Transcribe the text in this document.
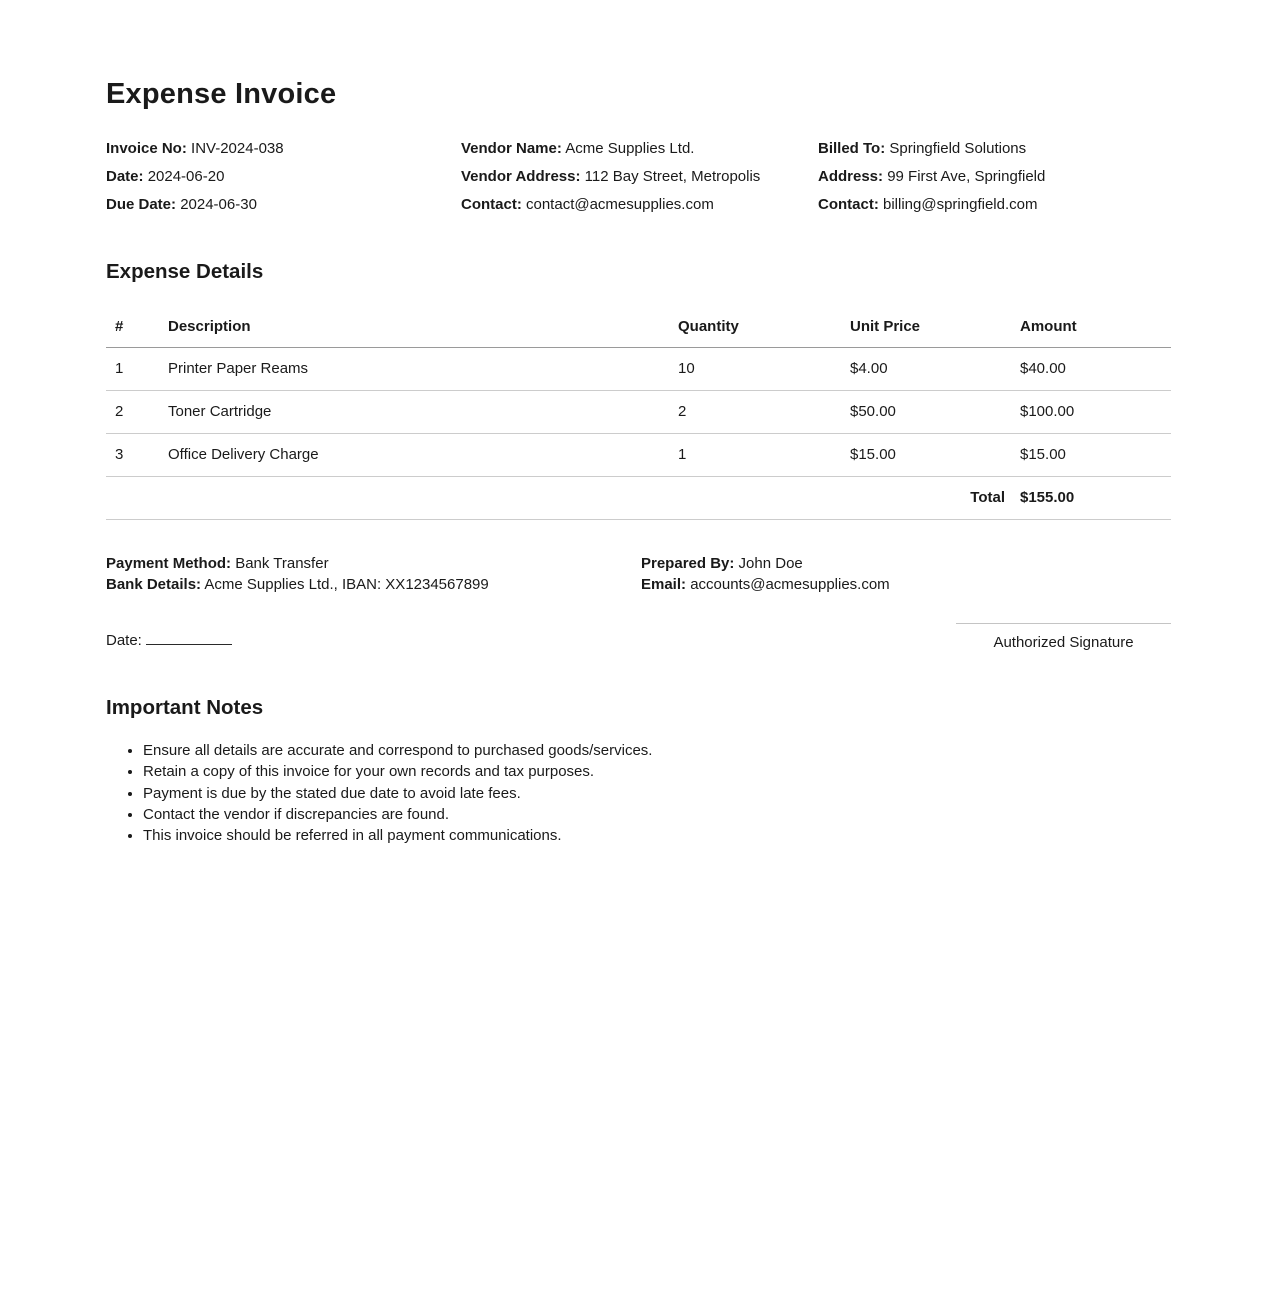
Expense Invoice
Invoice No: INV-2024-038
Date: 2024-06-20
Due Date: 2024-06-30
Vendor Name: Acme Supplies Ltd.
Vendor Address: 112 Bay Street, Metropolis
Contact: contact@acmesupplies.com
Billed To: Springfield Solutions
Address: 99 First Ave, Springfield
Contact: billing@springfield.com
Expense Details
#	Description	Quantity	Unit Price	Amount
1	Printer Paper Reams	10	$4.00	$40.00
2	Toner Cartridge	2	$50.00	$100.00
3	Office Delivery Charge	1	$15.00	$15.00
			Total	$155.00
Payment Method: Bank Transfer
Bank Details: Acme Supplies Ltd., IBAN: XX1234567899
Prepared By: John Doe
Email: accounts@acmesupplies.com
Date:	Authorized Signature
Important Notes
• Ensure all details are accurate and correspond to purchased goods/services.
• Retain a copy of this invoice for your own records and tax purposes.
• Payment is due by the stated due date to avoid late fees.
• Contact the vendor if discrepancies are found.
• This invoice should be referred in all payment communications.
